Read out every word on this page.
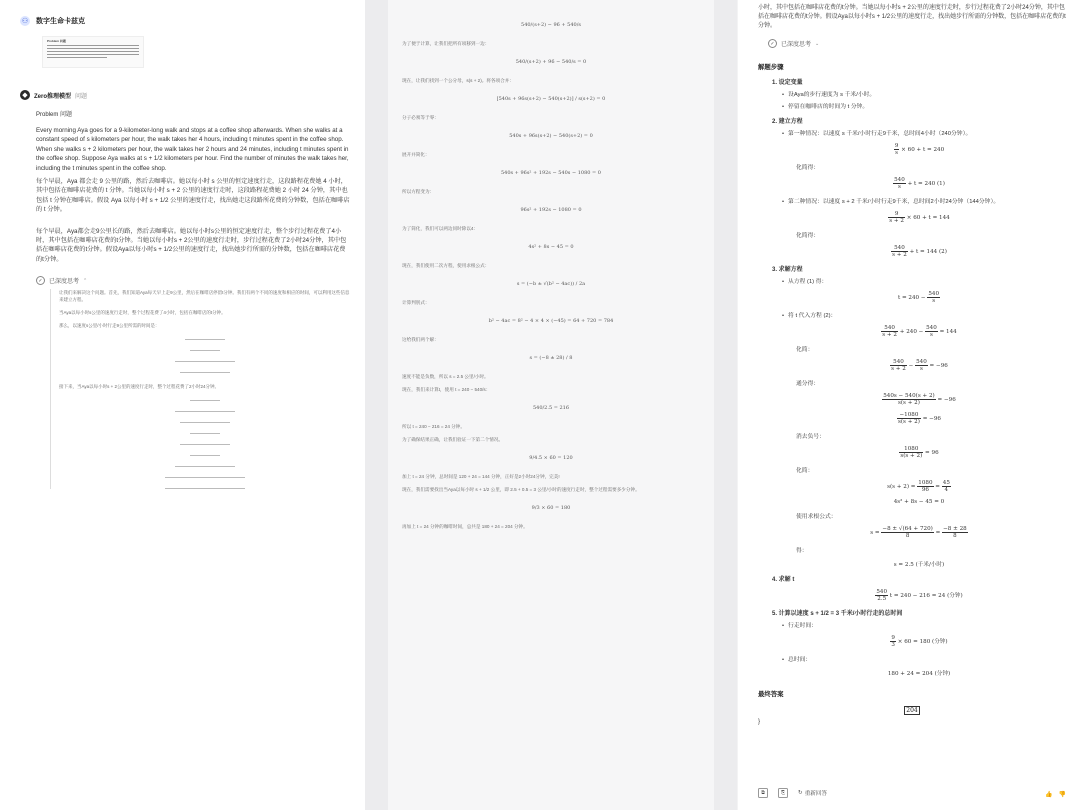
⚇ 数字生命卡兹克
Problem 问题
◆	Zero推理模型 问题
Problem 问题
Every morning Aya goes for a 9-kilometer-long walk and stops at a coffee shop afterwards. When she walks at a constant speed of s kilometers per hour, the walk takes her 4 hours, including t minutes spent in the coffee shop. When she walks s + 2 kilometers per hour, the walk takes her 2 hours and 24 minutes, including t minutes spent in the coffee shop. Suppose Aya walks at s + 1/2 kilometers per hour. Find the number of minutes the walk takes her, including the t minutes spent in the coffee shop.
每个早晨，Aya 都会走 9 公里的路，然后去咖啡店。她以每小时 s 公里的恒定速度行走，这段路程花费她 4 小时，其中包括在咖啡店花费的 t 分钟。当她以每小时 s + 2 公里的速度行走时，这段路程花费她 2 小时 24 分钟，其中也包括 t 分钟在咖啡店。假设 Aya 以每小时 s + 1/2 公里的速度行走，找出她走这段路所花费的分钟数，包括在咖啡店的 t 分钟。
每个早晨，Aya都会走9公里长的路，然后去咖啡店。她以每小时s公里的恒定速度行走，整个步行过程花费了4小时，其中包括在咖啡店花费的t分钟。当她以每小时s + 2公里的速度行走时，步行过程花费了2小时24分钟，其中包括在咖啡店花费的t分钟。假设Aya以每小时s + 1/2公里的速度行走，找出她步行所需的分钟数，包括在咖啡店花费的t分钟。
✓	已深度思考 ⌃

让我们来解决这个问题。首先，我们知道Aya每天早上走9公里，然后在咖啡店停留t分钟。我们有两个不同的速度和相应的时间，可以利用这些信息来建立方程。

当Aya以每小时s公里的速度行走时，整个过程花费了4小时，包括在咖啡店的t分钟。

那么，以速度s公里/小时行走9公里所需的时间是：

接下来，当Aya以每小时s + 2公里的速度行走时，整个过程花费了2小时24分钟。

540/(s+2) − 96 + 540/s
为了便于计算，让我们把所有项移到一边：
540/(s+2) + 96 − 540/s = 0
现在，让我们找到一个公分母，s(s + 2)。将各项合并：
[540s + 96s(s+2) − 540(s+2)] / s(s+2) = 0
分子必须等于零：
540s + 96s(s+2) − 540(s+2) = 0
展开并简化：
540s + 96s² + 192s − 540s − 1080 = 0
所以方程变为：
96s² + 192s − 1080 = 0
为了简化，我们可以两边同时除以4：
4s² + 8s − 45 = 0
现在，我们使用二次方程，使用求根公式：
s = (−b ± √(b² − 4ac)) / 2a
计算判别式：
b² − 4ac = 8² − 4 × 4 × (−45) = 64 + 720 = 784
这给我们两个解：
s = (−8 ± 28) / 8
速度不能是负数，所以 s = 2.5 公里/小时。
现在，我们来计算t，使用 t = 240 − 540/s：
540/2.5 = 216
所以 t = 240 − 216 = 24 分钟。
为了确保结果正确，让我们验证一下第二个情况。
9/4.5 × 60 = 120
加上 t = 24 分钟，总时间是 120 + 24 = 144 分钟，正好是2小时24分钟，完美!
现在，我们需要找出当Aya以每小时 s + 1/2 公里，即 2.5 + 0.5 = 3 公里/小时的速度行走时，整个过程需要多少分钟。
9/3 × 60 = 180
再加上 t = 24 分钟的咖啡时间，总共是 180 + 24 = 204 分钟。

小时，其中包括在咖啡店花费的t分钟。当她以每小时s + 2公里的速度行走时，步行过程花费了2小时24分钟，其中包括在咖啡店花费的t分钟。假设Aya以每小时s + 1/2公里的速度行走，找出她步行所需的分钟数，包括在咖啡店花费的t分钟。

✓	已深度思考 ⌄
解题步骤
1. 设定变量
• 设Aya的步行速度为 s 千米/小时。
• 停留在咖啡店的时间为 t 分钟。
2. 建立方程
• 第一种情况：以速度 s 千米/小时行走9千米，总时间4小时（240分钟）。
$\frac{9}{s} \times 60 + t = 240$
化简得：
$\frac{540}{s} + t = 240$ (1)
• 第二种情况：以速度 s + 2 千米/小时行走9千米，总时间2小时24分钟（144分钟）。
$\frac{9}{s + 2} \times 60 + t = 144$
化简得：
$\frac{540}{s + 2} + t = 144$ (2)
3. 求解方程
• 从方程 (1) 得：
$t = 240 - \frac{540}{s}$
• 将 t 代入方程 (2)：
$\frac{540}{s + 2} + 240 - \frac{540}{s} = 144$
化简：
$\frac{540}{s + 2} - \frac{540}{s} = -96$
通分得：
$\frac{540s - 540(s + 2)}{s(s + 2)} = -96$
$\frac{-1080}{s(s + 2)} = -96$
消去负号：
$\frac{1080}{s(s + 2)} = 96$
化简：
$s(s + 2) = \frac{1080}{96} = \frac{45}{4}$
4s² + 8s − 45 = 0
使用求根公式：
$s = \frac{-8 \pm √(64 + 720)}{8} = \frac{-8 \pm 28}{8}$
得：
s = 2.5 (千米/小时)
4. 求解 t
$\frac{540}{2.5}$ t = 240 − 216 = 24 (分钟)
5. 计算以速度 s + 1/2 = 3 千米/小时行走的总时间
• 行走时间：
$\frac{9}{3} \times 60 = 180$ (分钟)
• 总时间：
180 + 24 = 204 (分钟)
最终答案
204
}
⧉	⎘	↻ 重新回答	👍 👎
